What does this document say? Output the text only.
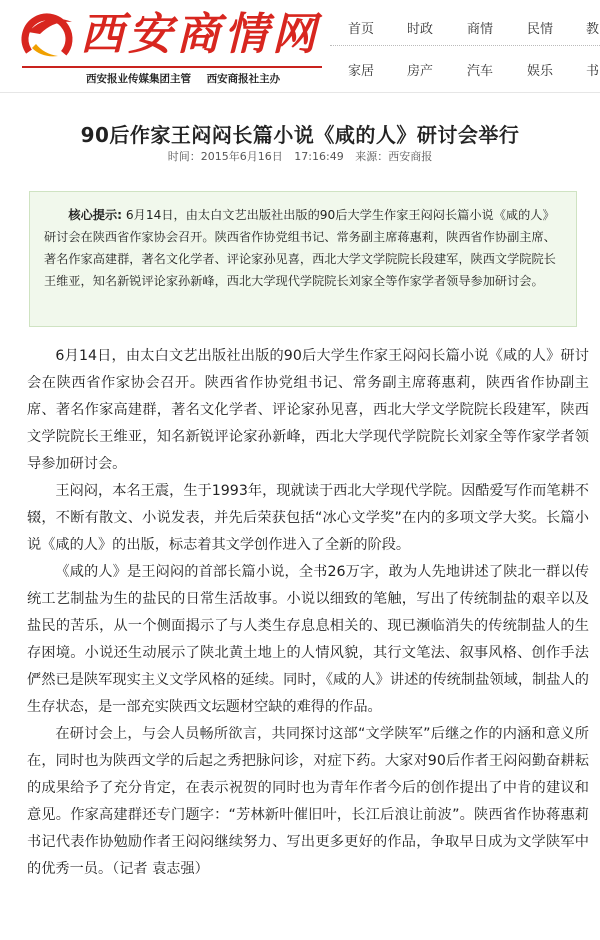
西安商情网
西安报业传媒集团主管 西安商报社主办
首页	时政	商情	民情	教
家居	房产	汽车	娱乐	书
90后作家王闷闷长篇小说《咸的人》研讨会举行
时间：2015年6月16日 17:16:49 来源：西安商报
核心提示: 6月14日，由太白文艺出版社出版的90后大学生作家王闷闷长篇小说《咸的人》研讨会在陕西省作家协会召开。陕西省作协党组书记、常务副主席蒋惠莉，陕西省作协副主席、著名作家高建群，著名文化学者、评论家孙见喜，西北大学文学院院长段建军，陕西文学院院长王维亚，知名新锐评论家孙新峰，西北大学现代学院院长刘家全等作家学者领导参加研讨会。

6月14日，由太白文艺出版社出版的90后大学生作家王闷闷长篇小说《咸的人》研讨会在陕西省作家协会召开。陕西省作协党组书记、常务副主席蒋惠莉，陕西省作协副主席、著名作家高建群，著名文化学者、评论家孙见喜，西北大学文学院院长段建军，陕西文学院院长王维亚，知名新锐评论家孙新峰，西北大学现代学院院长刘家全等作家学者领导参加研讨会。

王闷闷，本名王震，生于1993年，现就读于西北大学现代学院。因酷爱写作而笔耕不辍，不断有散文、小说发表，并先后荣获包括“冰心文学奖”在内的多项文学大奖。长篇小说《咸的人》的出版，标志着其文学创作进入了全新的阶段。

《咸的人》是王闷闷的首部长篇小说，全书26万字，敢为人先地讲述了陕北一群以传统工艺制盐为生的盐民的日常生活故事。小说以细致的笔触，写出了传统制盐的艰辛以及盐民的苦乐，从一个侧面揭示了与人类生存息息相关的、现已濒临消失的传统制盐人的生存困境。小说还生动展示了陕北黄土地上的人情风貌，其行文笔法、叙事风格、创作手法俨然已是陕军现实主义文学风格的延续。同时，《咸的人》讲述的传统制盐领域，制盐人的生存状态，是一部充实陕西文坛题材空缺的难得的作品。

在研讨会上，与会人员畅所欲言，共同探讨这部“文学陕军”后继之作的内涵和意义所在，同时也为陕西文学的后起之秀把脉问诊，对症下药。大家对90后作者王闷闷勤奋耕耘的成果给予了充分肯定，在表示祝贺的同时也为青年作者今后的创作提出了中肯的建议和意见。作家高建群还专门题字：“芳林新叶催旧叶，长江后浪让前波”。陕西省作协蒋惠莉书记代表作协勉励作者王闷闷继续努力、写出更多更好的作品，争取早日成为文学陕军中的优秀一员。（记者 袁志强）
